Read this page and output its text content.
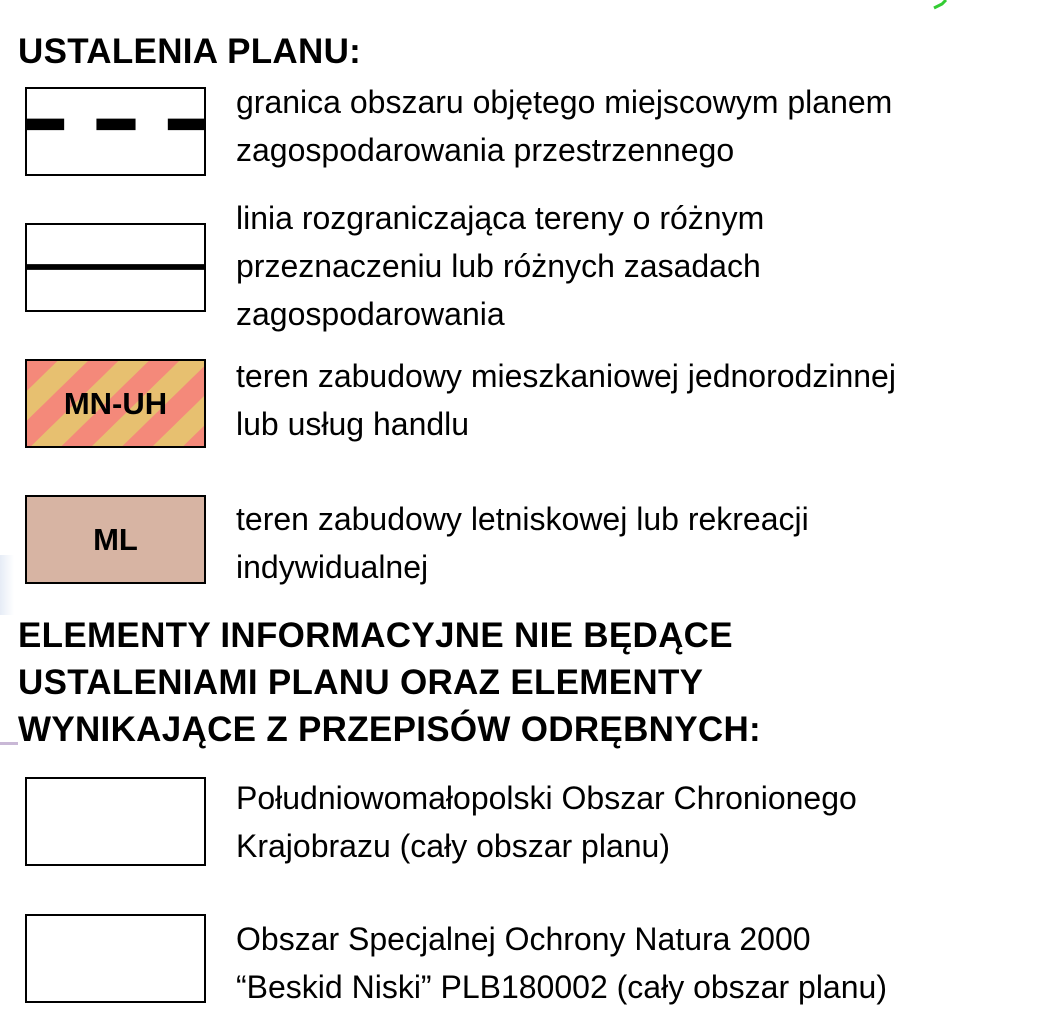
USTALENIA PLANU:
granica obszaru objętego miejscowym planem
zagospodarowania przestrzennego
linia rozgraniczająca tereny o różnym
przeznaczeniu lub różnych zasadach
zagospodarowania
MN-UH
teren zabudowy mieszkaniowej jednorodzinnej
lub usług handlu
ML
teren zabudowy letniskowej lub rekreacji
indywidualnej
ELEMENTY INFORMACYJNE NIE BĘDĄCE
USTALENIAMI PLANU ORAZ ELEMENTY
WYNIKAJĄCE Z PRZEPISÓW ODRĘBNYCH:
Południowomałopolski Obszar Chronionego
Krajobrazu (cały obszar planu)
Obszar Specjalnej Ochrony Natura 2000
“Beskid Niski” PLB180002 (cały obszar planu)
